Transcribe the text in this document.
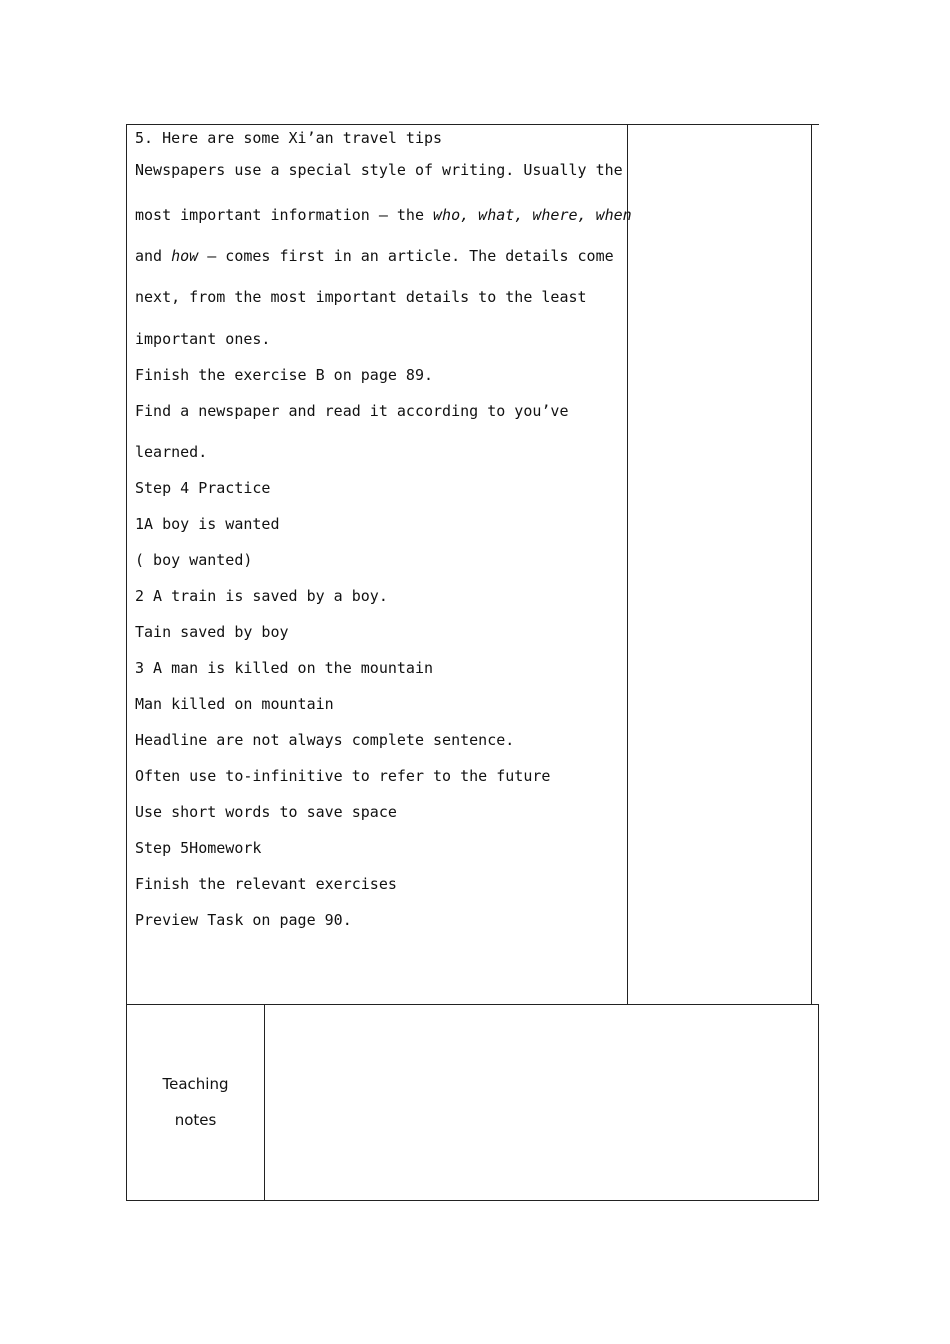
5. Here are some Xi’an travel tips
Newspapers use a special style of writing. Usually the
most important information — the who, what, where, when
and how — comes first in an article. The details come
next, from the most important details to the least
important ones.
Finish the exercise B on page 89.
Find a newspaper and read it according to you’ve
learned.
Step 4 Practice
1A boy is wanted
( boy wanted)
2 A train is saved by a boy.
Tain saved by boy
3 A man is killed on the mountain
Man killed on mountain
Headline are not always complete sentence.
Often use to-infinitive to refer to the future
Use short words to save space
Step 5Homework
Finish the relevant exercises
Preview Task on page 90.
Teaching
notes
